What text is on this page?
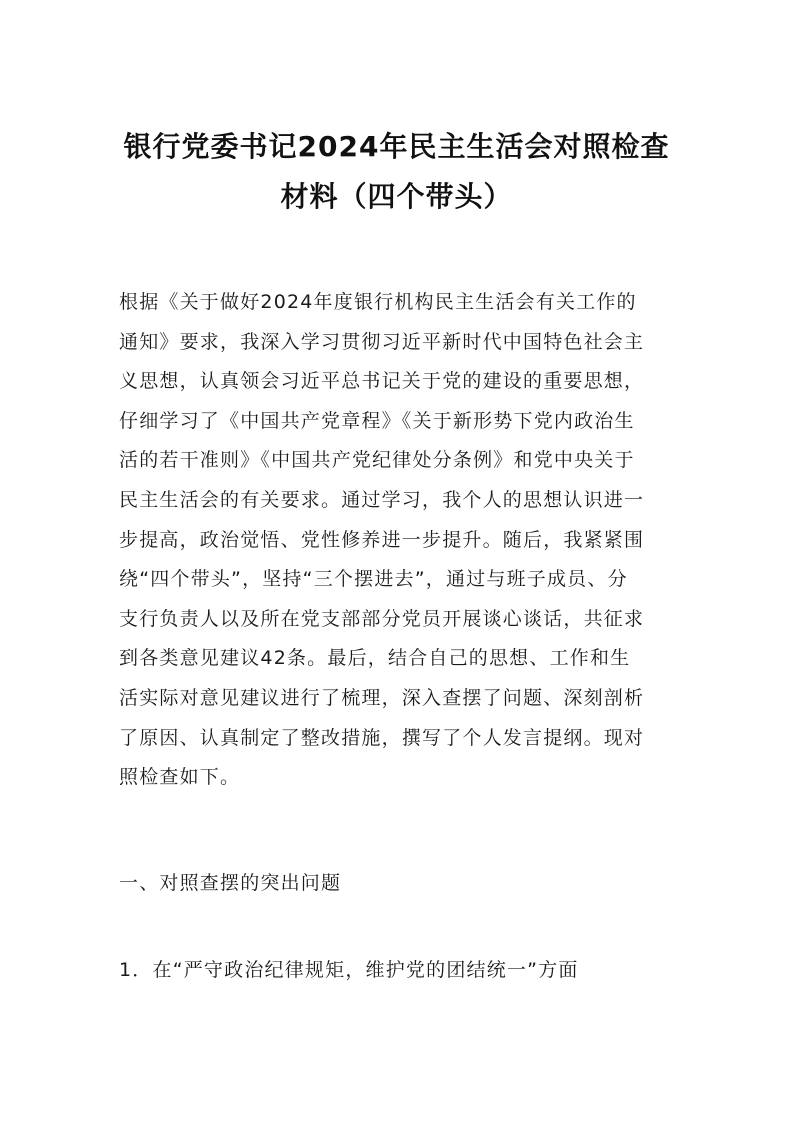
银行党委书记2024年民主生活会对照检查
材料（四个带头）
根据《关于做好2024年度银行机构民主生活会有关工作的
通知》要求，我深入学习贯彻习近平新时代中国特色社会主
义思想，认真领会习近平总书记关于党的建设的重要思想，
仔细学习了《中国共产党章程》《关于新形势下党内政治生
活的若干准则》《中国共产党纪律处分条例》和党中央关于
民主生活会的有关要求。通过学习，我个人的思想认识进一
步提高，政治觉悟、党性修养进一步提升。随后，我紧紧围
绕“四个带头”，坚持“三个摆进去”，通过与班子成员、分
支行负责人以及所在党支部部分党员开展谈心谈话，共征求
到各类意见建议42条。最后，结合自己的思想、工作和生
活实际对意见建议进行了梳理，深入查摆了问题、深刻剖析
了原因、认真制定了整改措施，撰写了个人发言提纲。现对
照检查如下。
一、对照查摆的突出问题
1．在“严守政治纪律规矩，维护党的团结统一”方面
